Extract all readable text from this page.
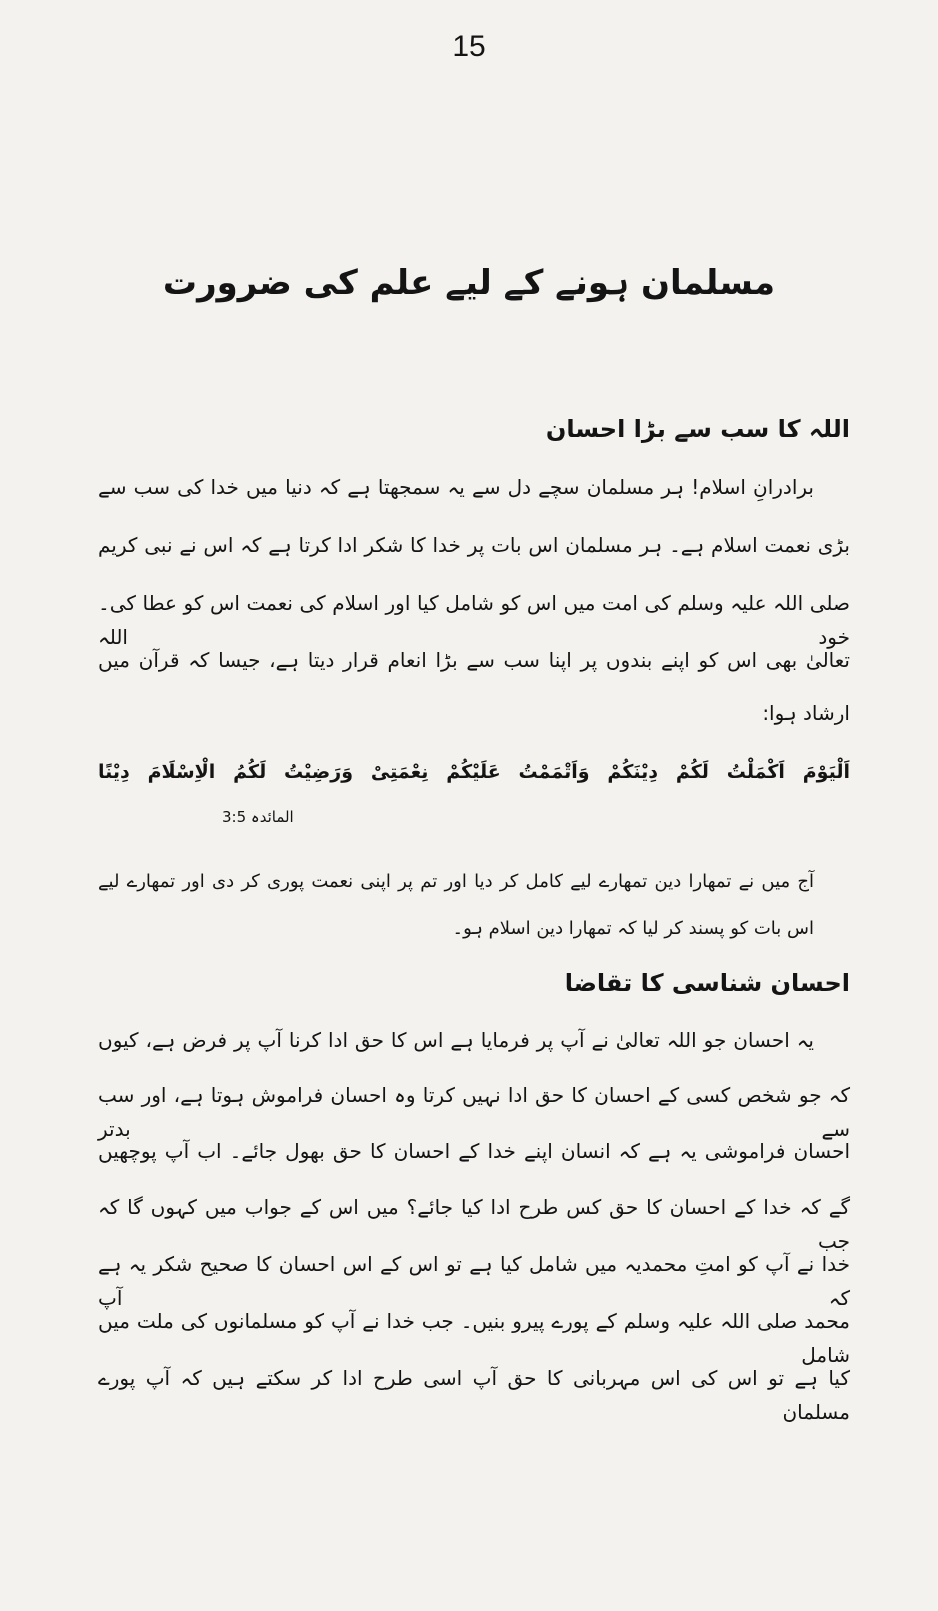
15
مسلمان ہونے کے لیے علم کی ضرورت
اللہ کا سب سے بڑا احسان
برادرانِ اسلام! ہر مسلمان سچے دل سے یہ سمجھتا ہے کہ دنیا میں خدا کی سب سے
بڑی نعمت اسلام ہے۔ ہر مسلمان اس بات پر خدا کا شکر ادا کرتا ہے کہ اس نے نبی کریم
صلی اللہ علیہ وسلم کی امت میں اس کو شامل کیا اور اسلام کی نعمت اس کو عطا کی۔ خود اللہ
تعالیٰ بھی اس کو اپنے بندوں پر اپنا سب سے بڑا انعام قرار دیتا ہے، جیسا کہ قرآن میں
ارشاد ہوا:
اَلْیَوْمَ اَکْمَلْتُ لَکُمْ دِیْنَکُمْ وَاَتْمَمْتُ عَلَیْکُمْ نِعْمَتِیْ وَرَضِیْتُ لَکُمُ الْاِسْلَامَ دِیْنًا
المائدہ 3:5
آج میں نے تمھارا دین تمھارے لیے کامل کر دیا اور تم پر اپنی نعمت پوری کر دی اور تمھارے لیے
اس بات کو پسند کر لیا کہ تمھارا دین اسلام ہو۔
احسان شناسی کا تقاضا
یہ احسان جو اللہ تعالیٰ نے آپ پر فرمایا ہے اس کا حق ادا کرنا آپ پر فرض ہے، کیوں
کہ جو شخص کسی کے احسان کا حق ادا نہیں کرتا وہ احسان فراموش ہوتا ہے، اور سب سے بدتر
احسان فراموشی یہ ہے کہ انسان اپنے خدا کے احسان کا حق بھول جائے۔ اب آپ پوچھیں
گے کہ خدا کے احسان کا حق کس طرح ادا کیا جائے؟ میں اس کے جواب میں کہوں گا کہ جب
خدا نے آپ کو امتِ محمدیہ میں شامل کیا ہے تو اس کے اس احسان کا صحیح شکر یہ ہے کہ آپ
محمد صلی اللہ علیہ وسلم کے پورے پیرو بنیں۔ جب خدا نے آپ کو مسلمانوں کی ملت میں شامل
کیا ہے تو اس کی اس مہربانی کا حق آپ اسی طرح ادا کر سکتے ہیں کہ آپ پورے مسلمان
